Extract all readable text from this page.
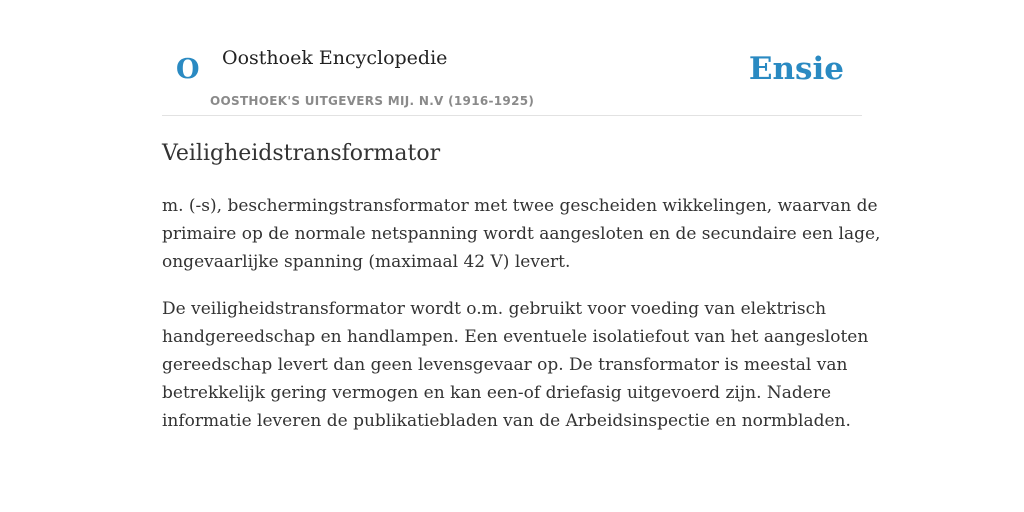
O Oosthoek Encyclopedie
OOSTHOEK'S UITGEVERS MIJ. N.V (1916-1925)
Ensie
Veiligheidstransformator

m. (-s), beschermingstransformator met twee gescheiden wikkelingen, waarvan de primaire op de normale netspanning wordt aangesloten en de secundaire een lage, ongevaarlijke spanning (maximaal 42 V) levert.

De veiligheidstransformator wordt o.m. gebruikt voor voeding van elektrisch handgereedschap en handlampen. Een eventuele isolatiefout van het aangesloten gereedschap levert dan geen levensgevaar op. De transformator is meestal van betrekkelijk gering vermogen en kan een-of driefasig uitgevoerd zijn. Nadere informatie leveren de publikatiebladen van de Arbeidsinspectie en normbladen.
